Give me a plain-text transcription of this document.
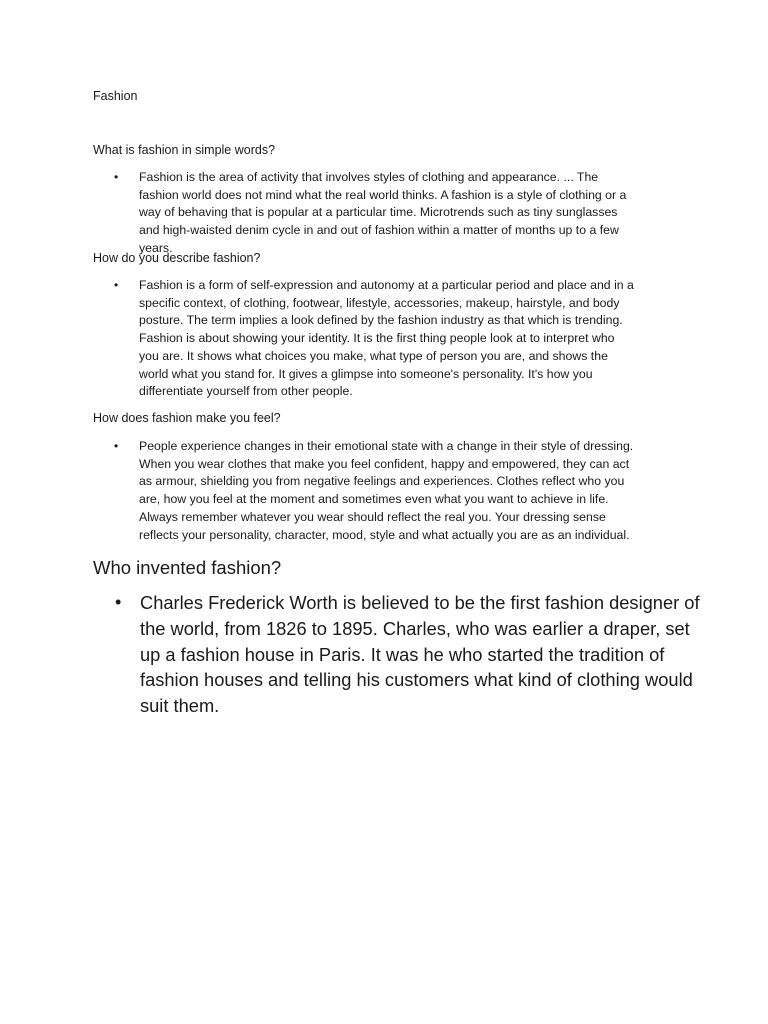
Fashion
What is fashion in simple words?
• Fashion is the area of activity that involves styles of clothing and appearance. ... The fashion world does not mind what the real world thinks. A fashion is a style of clothing or a way of behaving that is popular at a particular time. Microtrends such as tiny sunglasses and high-waisted denim cycle in and out of fashion within a matter of months up to a few years.
How do you describe fashion?
• Fashion is a form of self-expression and autonomy at a particular period and place and in a specific context, of clothing, footwear, lifestyle, accessories, makeup, hairstyle, and body posture. The term implies a look defined by the fashion industry as that which is trending. Fashion is about showing your identity. It is the first thing people look at to interpret who you are. It shows what choices you make, what type of person you are, and shows the world what you stand for. It gives a glimpse into someone's personality. It's how you differentiate yourself from other people.
How does fashion make you feel?
• People experience changes in their emotional state with a change in their style of dressing. When you wear clothes that make you feel confident, happy and empowered, they can act as armour, shielding you from negative feelings and experiences. Clothes reflect who you are, how you feel at the moment and sometimes even what you want to achieve in life. Always remember whatever you wear should reflect the real you. Your dressing sense reflects your personality, character, mood, style and what actually you are as an individual.
Who invented fashion?
• Charles Frederick Worth is believed to be the first fashion designer of the world, from 1826 to 1895. Charles, who was earlier a draper, set up a fashion house in Paris. It was he who started the tradition of fashion houses and telling his customers what kind of clothing would suit them.
